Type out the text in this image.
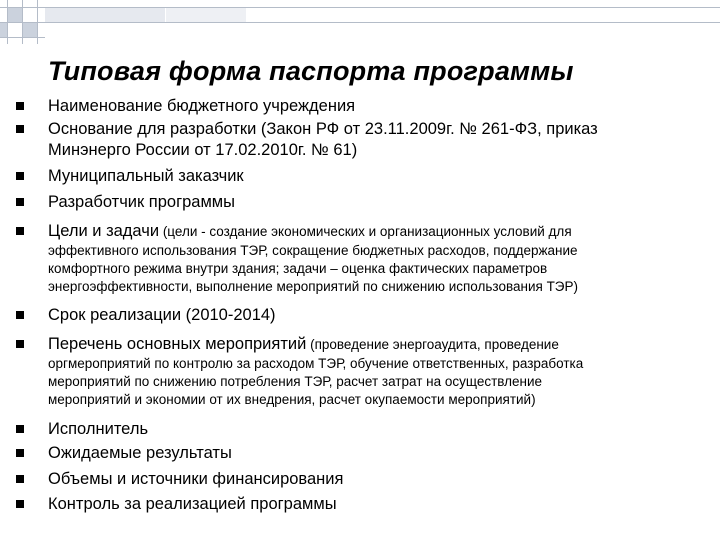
Типовая форма паспорта программы
Наименование бюджетного учреждения
Основание для разработки (Закон РФ от 23.11.2009г. № 261-ФЗ, приказ
Минэнерго России от 17.02.2010г. № 61)
Муниципальный заказчик
Разработчик программы
Цели и задачи (цели - создание экономических и организационных условий для
эффективного использования ТЭР, сокращение бюджетных расходов, поддержание
комфортного режима внутри здания; задачи – оценка фактических параметров
энергоэффективности, выполнение мероприятий по снижению использования ТЭР)
Срок реализации (2010-2014)
Перечень основных мероприятий (проведение энергоаудита, проведение
оргмероприятий по контролю за расходом ТЭР, обучение ответственных, разработка
мероприятий по снижению потребления ТЭР, расчет затрат на осуществление
мероприятий и экономии от их внедрения, расчет окупаемости мероприятий)
Исполнитель
Ожидаемые результаты
Объемы и источники финансирования
Контроль за реализацией программы
